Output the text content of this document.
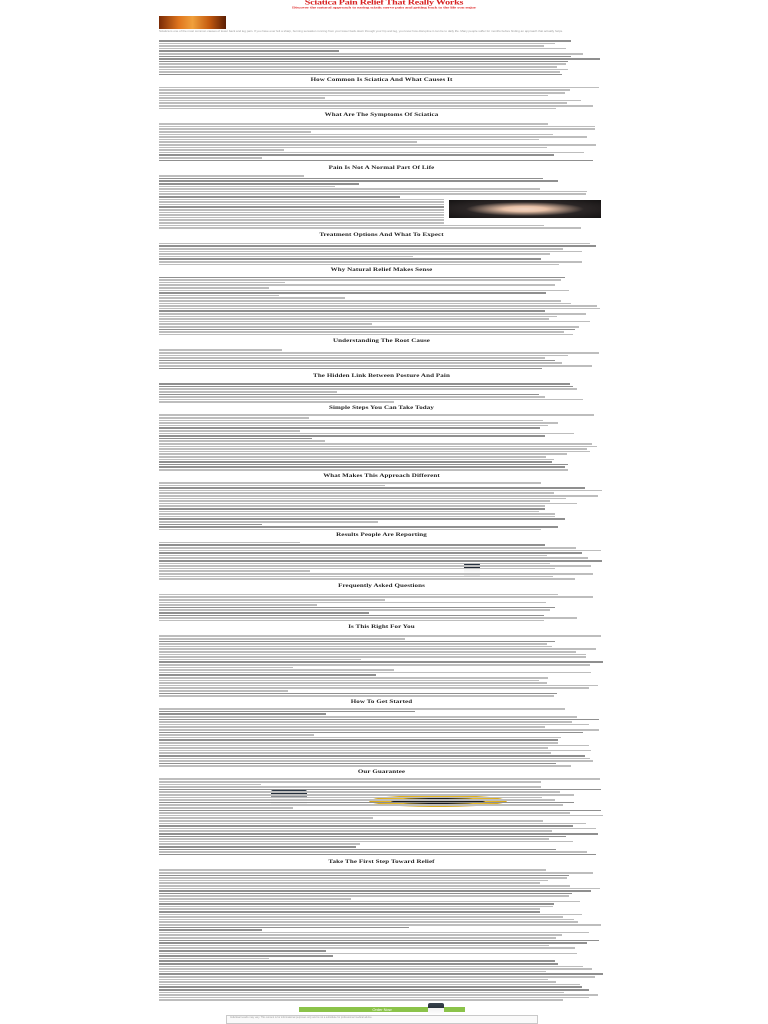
Sciatica Pain Relief That Really Works

Discover the natural approach to easing sciatic nerve pain and getting back to the life you enjoy

Sciatica is one of the most common causes of lower back and leg pain. If you have ever felt a sharp, burning sensation running from your lower back down through your hip and leg, you know how disruptive it can be to daily life. Many people suffer for months before finding an approach that actually helps.

Order Now

Individual results may vary. This content is for informational purposes only and is not a substitute for professional medical advice.

How Common Is Sciatica And What Causes It

What Are The Symptoms Of Sciatica

Pain Is Not A Normal Part Of Life

Treatment Options And What To Expect

Why Natural Relief Makes Sense

Understanding The Root Cause

The Hidden Link Between Posture And Pain

Simple Steps You Can Take Today

What Makes This Approach Different

Results People Are Reporting

Frequently Asked Questions

Is This Right For You

How To Get Started

Our Guarantee

Take The First Step Toward Relief
